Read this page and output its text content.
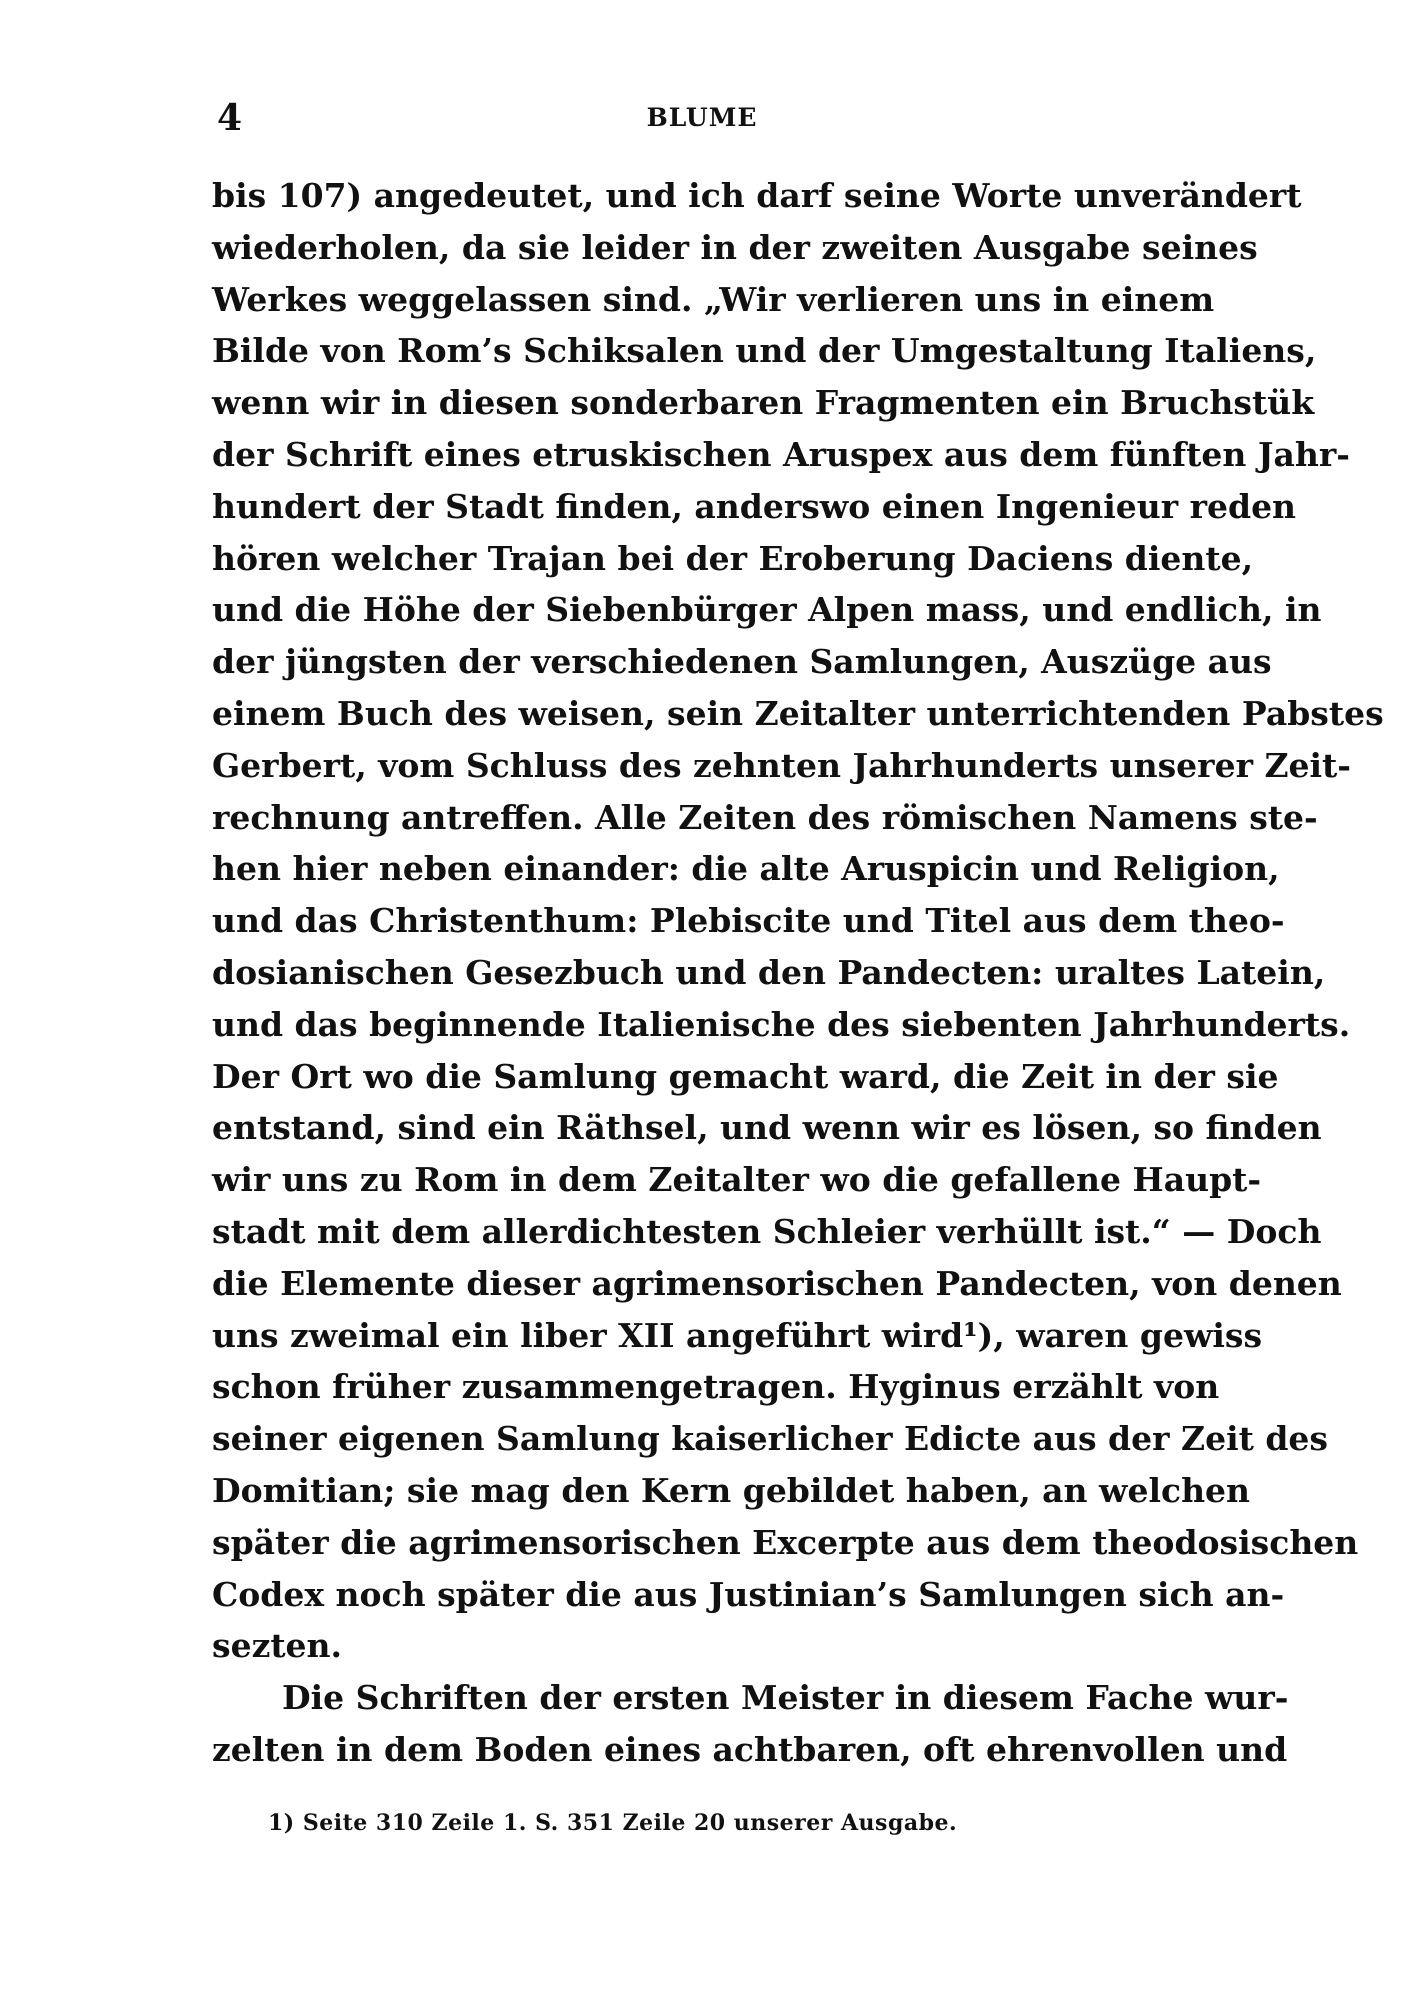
4	BLUME
bis 107) angedeutet, und ich darf seine Worte unverändert
wiederholen, da sie leider in der zweiten Ausgabe seines
Werkes weggelassen sind. „Wir verlieren uns in einem
Bilde von Rom’s Schiksalen und der Umgestaltung Italiens,
wenn wir in diesen sonderbaren Fragmenten ein Bruchstük
der Schrift eines etruskischen Aruspex aus dem fünften Jahr-
hundert der Stadt finden, anderswo einen Ingenieur reden
hören welcher Trajan bei der Eroberung Daciens diente,
und die Höhe der Siebenbürger Alpen mass, und endlich, in
der jüngsten der verschiedenen Samlungen, Auszüge aus
einem Buch des weisen, sein Zeitalter unterrichtenden Pabstes
Gerbert, vom Schluss des zehnten Jahrhunderts unserer Zeit-
rechnung antreffen. Alle Zeiten des römischen Namens ste-
hen hier neben einander: die alte Aruspicin und Religion,
und das Christenthum: Plebiscite und Titel aus dem theo-
dosianischen Gesezbuch und den Pandecten: uraltes Latein,
und das beginnende Italienische des siebenten Jahrhunderts.
Der Ort wo die Samlung gemacht ward, die Zeit in der sie
entstand, sind ein Räthsel, und wenn wir es lösen, so finden
wir uns zu Rom in dem Zeitalter wo die gefallene Haupt-
stadt mit dem allerdichtesten Schleier verhüllt ist.“ — Doch
die Elemente dieser agrimensorischen Pandecten, von denen
uns zweimal ein liber XII angeführt wird¹), waren gewiss
schon früher zusammengetragen. Hyginus erzählt von
seiner eigenen Samlung kaiserlicher Edicte aus der Zeit des
Domitian; sie mag den Kern gebildet haben, an welchen
später die agrimensorischen Excerpte aus dem theodosischen
Codex noch später die aus Justinian’s Samlungen sich an-
sezten.
Die Schriften der ersten Meister in diesem Fache wur-
zelten in dem Boden eines achtbaren, oft ehrenvollen und
1) Seite 310 Zeile 1. S. 351 Zeile 20 unserer Ausgabe.
